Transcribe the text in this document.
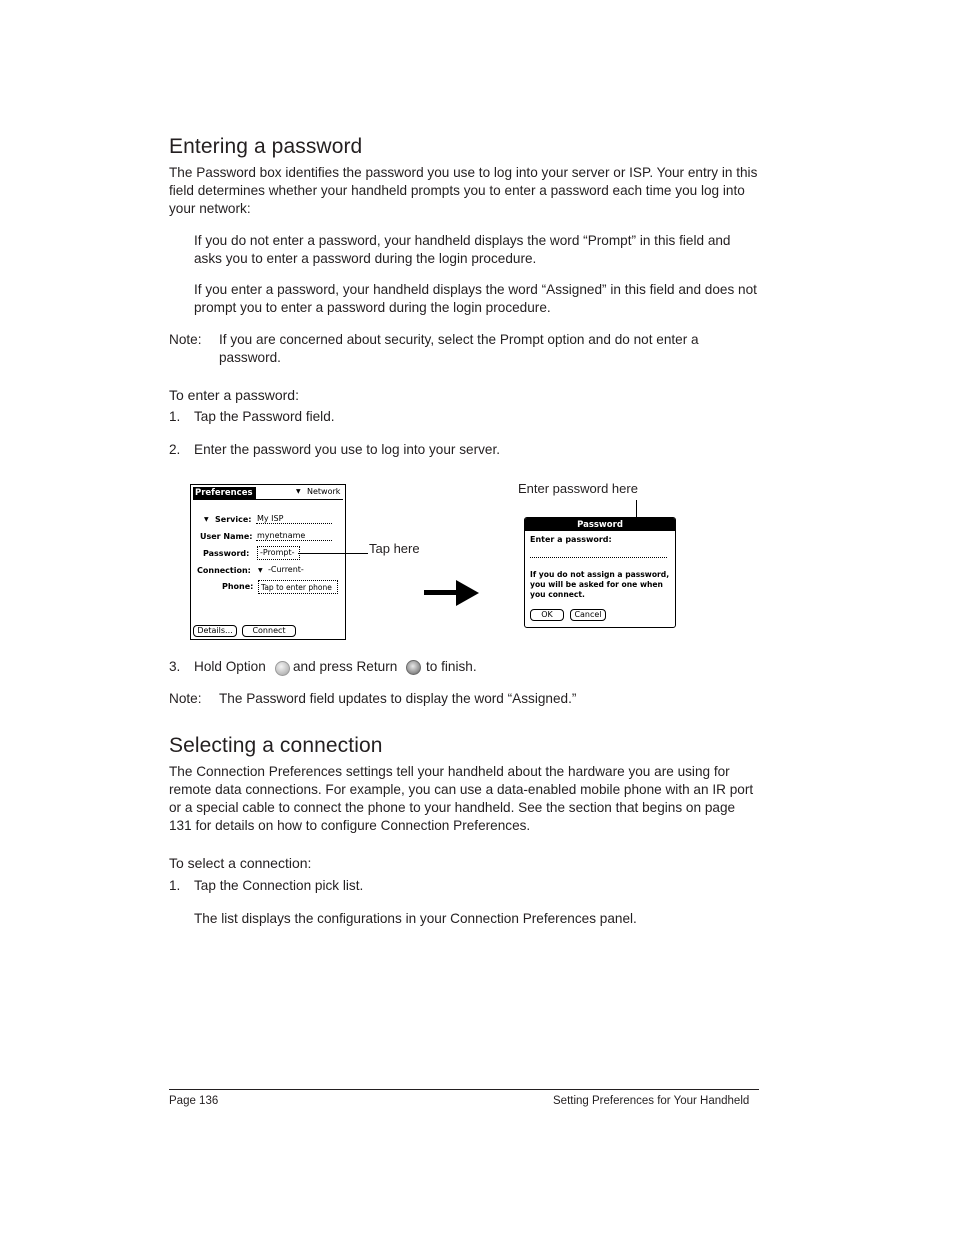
Entering a password

The Password box identifies the password you use to log into your server or ISP. Your entry in this field determines whether your handheld prompts you to enter a password each time you log into your network:

If you do not enter a password, your handheld displays the word “Prompt” in this field and asks you to enter a password during the login procedure.

If you enter a password, your handheld displays the word “Assigned” in this field and does not prompt you to enter a password during the login procedure.

Note: If you are concerned about security, select the Prompt option and do not enter a password.

To enter a password:
1. Tap the Password field.
2. Enter the password you use to log into your server.
Preferences	▼ Network
▼ Service: My ISP
User Name: mynetname
Password: -Prompt-
Connection: ▼ -Current-
Phone: Tap to enter phone
Details...	Connect
Tap here
Enter password here
Password
Enter a password:
If you do not assign a password, you will be asked for one when you connect.
OK	Cancel
3. Hold Option and press Return to finish.
Note: The Password field updates to display the word “Assigned.”
Selecting a connection

The Connection Preferences settings tell your handheld about the hardware you are using for remote data connections. For example, you can use a data-enabled mobile phone with an IR port or a special cable to connect the phone to your handheld. See the section that begins on page 131 for details on how to configure Connection Preferences.

To select a connection:
1. Tap the Connection pick list.
The list displays the configurations in your Connection Preferences panel.
Page 136	Setting Preferences for Your Handheld
